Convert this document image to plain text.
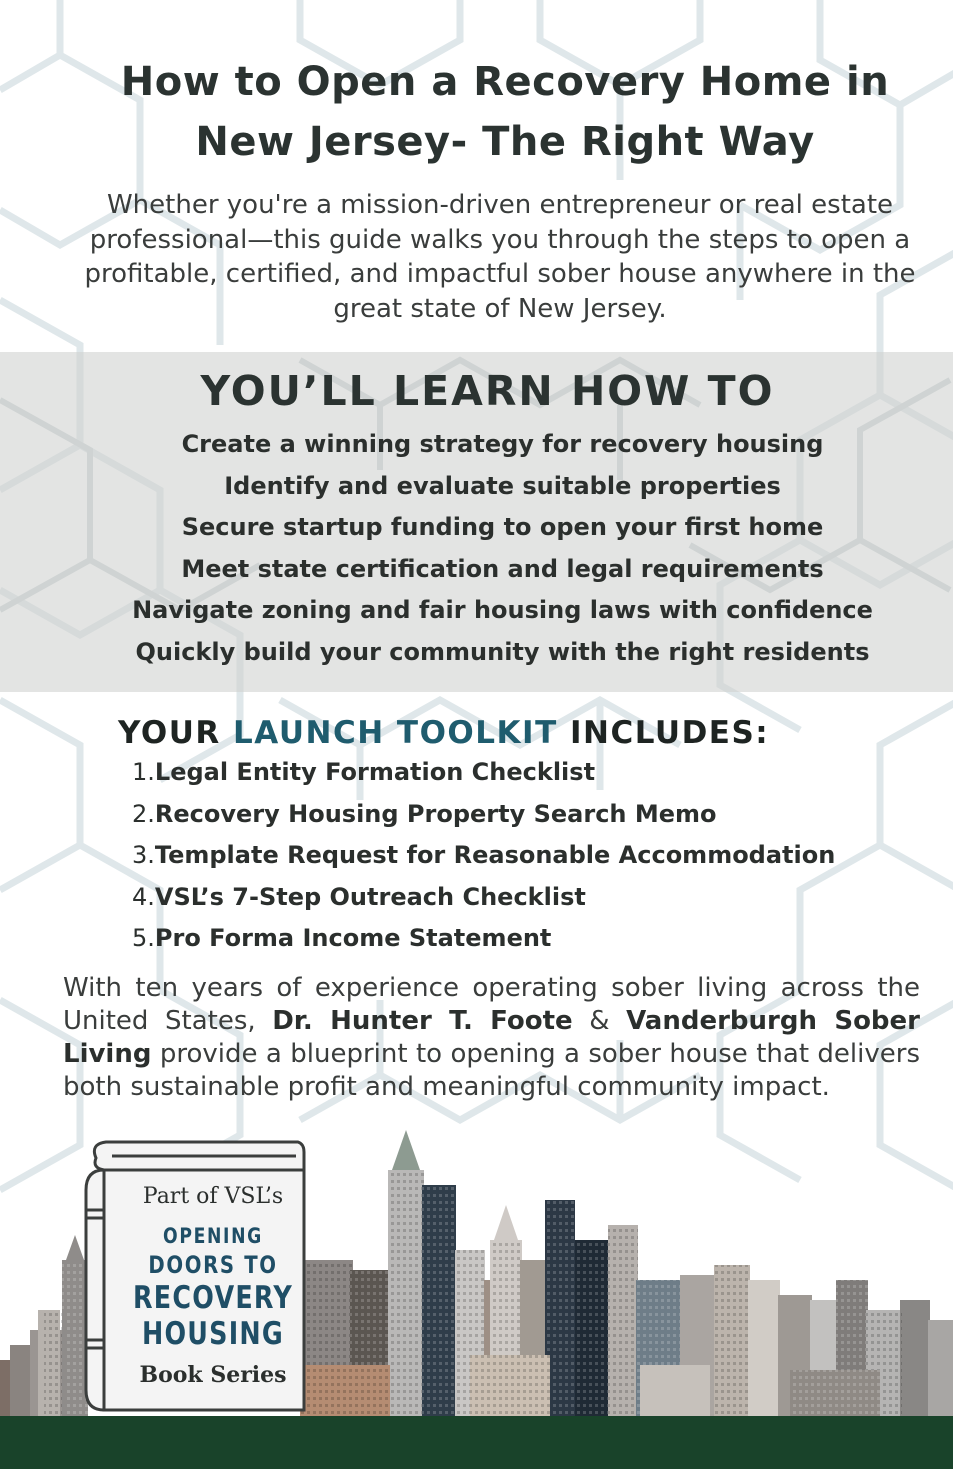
How to Open a Recovery Home in
New Jersey- The Right Way
Whether you're a mission-driven entrepreneur or real estate professional—this guide walks you through the steps to open a profitable, certified, and impactful sober house anywhere in the great state of New Jersey.
YOU’LL LEARN HOW TO
Create a winning strategy for recovery housing
Identify and evaluate suitable properties
Secure startup funding to open your first home
Meet state certification and legal requirements
Navigate zoning and fair housing laws with confidence
Quickly build your community with the right residents
YOUR LAUNCH TOOLKIT INCLUDES:
1.Legal Entity Formation Checklist
2.Recovery Housing Property Search Memo
3.Template Request for Reasonable Accommodation
4.VSL’s 7-Step Outreach Checklist
5.Pro Forma Income Statement
With ten years of experience operating sober living across the United States, Dr. Hunter T. Foote & Vanderburgh Sober Living provide a blueprint to opening a sober house that delivers both sustainable profit and meaningful community impact.
Part of VSL’s
OPENING
DOORS TO
RECOVERY
HOUSING
Book Series
